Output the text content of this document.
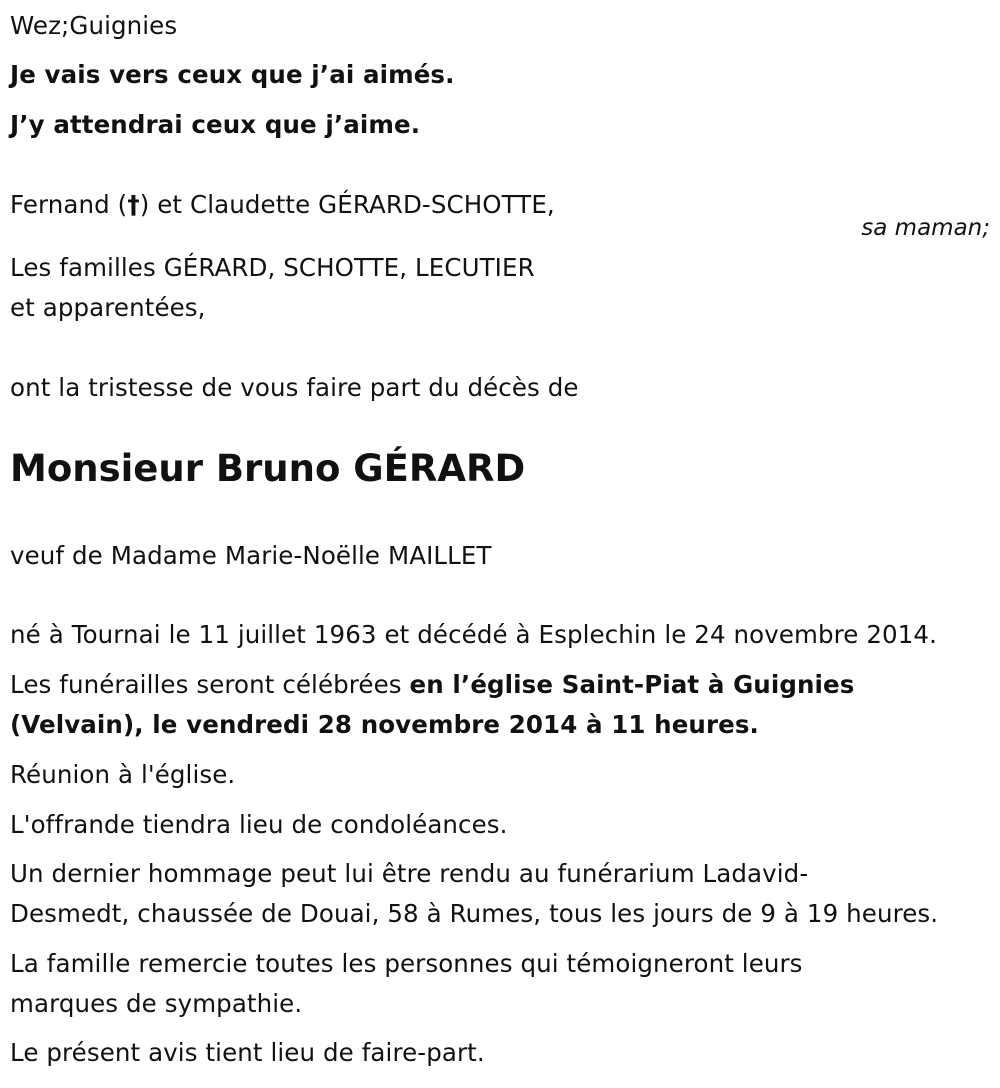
Wez;Guignies
Je vais vers ceux que j’ai aimés.
J’y attendrai ceux que j’aime.
Fernand (†) et Claudette GÉRARD-SCHOTTE,
sa maman;
Les familles GÉRARD, SCHOTTE, LECUTIER
et apparentées,
ont la tristesse de vous faire part du décès de
Monsieur Bruno GÉRARD
veuf de Madame Marie-Noëlle MAILLET
né à Tournai le 11 juillet 1963 et décédé à Esplechin le 24 novembre 2014.
Les funérailles seront célébrées en l’église Saint-Piat à Guignies
(Velvain), le vendredi 28 novembre 2014 à 11 heures.
Réunion à l'église.
L'offrande tiendra lieu de condoléances.
Un dernier hommage peut lui être rendu au funérarium Ladavid-
Desmedt, chaussée de Douai, 58 à Rumes, tous les jours de 9 à 19 heures.
La famille remercie toutes les personnes qui témoigneront leurs
marques de sympathie.
Le présent avis tient lieu de faire-part.
